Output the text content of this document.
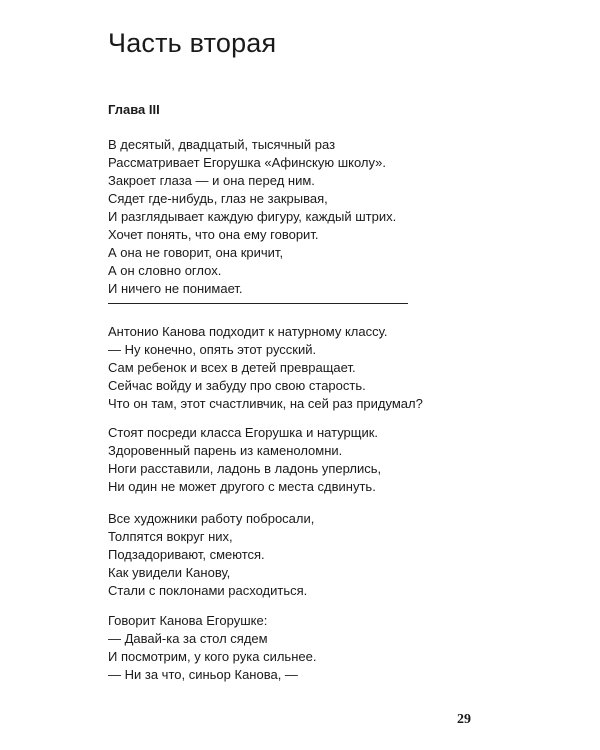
Часть вторая
Глава III
В десятый, двадцатый, тысячный раз
Рассматривает Егорушка «Афинскую школу».
Закроет глаза — и она перед ним.
Сядет где-нибудь, глаз не закрывая,
И разглядывает каждую фигуру, каждый штрих.
Хочет понять, что она ему говорит.
А она не говорит, она кричит,
А он словно оглох.
И ничего не понимает.
Антонио Канова подходит к натурному классу.
— Ну конечно, опять этот русский.
Сам ребенок и всех в детей превращает.
Сейчас войду и забуду про свою старость.
Что он там, этот счастливчик, на сей раз придумал?
Стоят посреди класса Егорушка и натурщик.
Здоровенный парень из каменоломни.
Ноги расставили, ладонь в ладонь уперлись,
Ни один не может другого с места сдвинуть.
Все художники работу побросали,
Толпятся вокруг них,
Подзадоривают, смеются.
Как увидели Канову,
Стали с поклонами расходиться.
Говорит Канова Егорушке:
— Давай-ка за стол сядем
И посмотрим, у кого рука сильнее.
— Ни за что, синьор Канова, —
29
